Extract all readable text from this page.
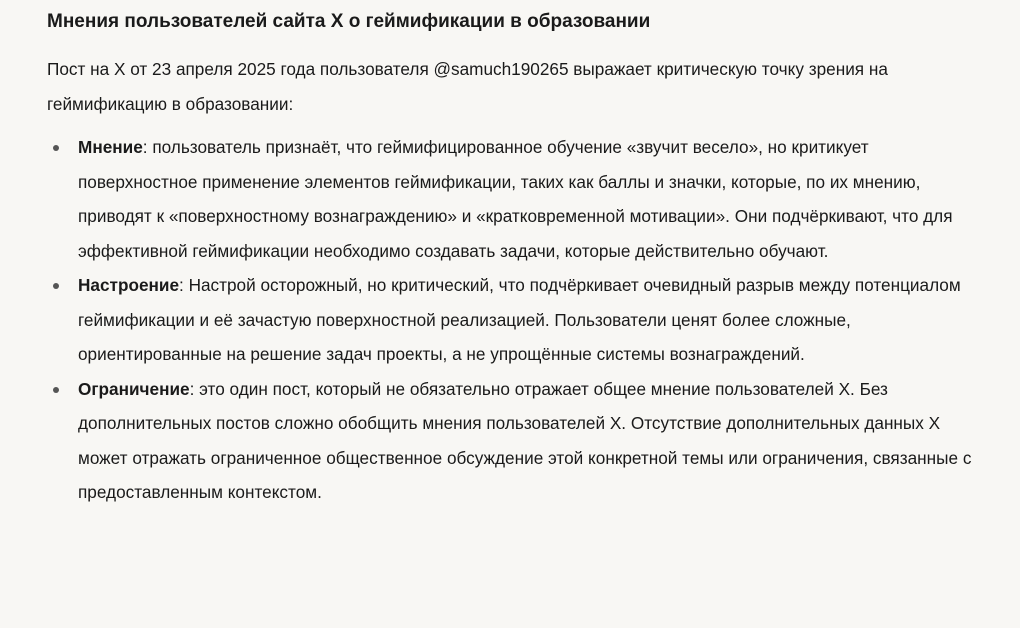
Мнения пользователей сайта X о геймификации в образовании

Пост на X от 23 апреля 2025 года пользователя @samuch190265 выражает критическую точку зрения на геймификацию в образовании:

Мнение: пользователь признаёт, что геймифицированное обучение «звучит весело», но критикует поверхностное применение элементов геймификации, таких как баллы и значки, которые, по их мнению, приводят к «поверхностному вознаграждению» и «кратковременной мотивации». Они подчёркивают, что для эффективной геймификации необходимо создавать задачи, которые действительно обучают.
Настроение: Настрой осторожный, но критический, что подчёркивает очевидный разрыв между потенциалом геймификации и её зачастую поверхностной реализацией. Пользователи ценят более сложные, ориентированные на решение задач проекты, а не упрощённые системы вознаграждений.
Ограничение: это один пост, который не обязательно отражает общее мнение пользователей X. Без дополнительных постов сложно обобщить мнения пользователей X. Отсутствие дополнительных данных X может отражать ограниченное общественное обсуждение этой конкретной темы или ограничения, связанные с предоставленным контекстом.
